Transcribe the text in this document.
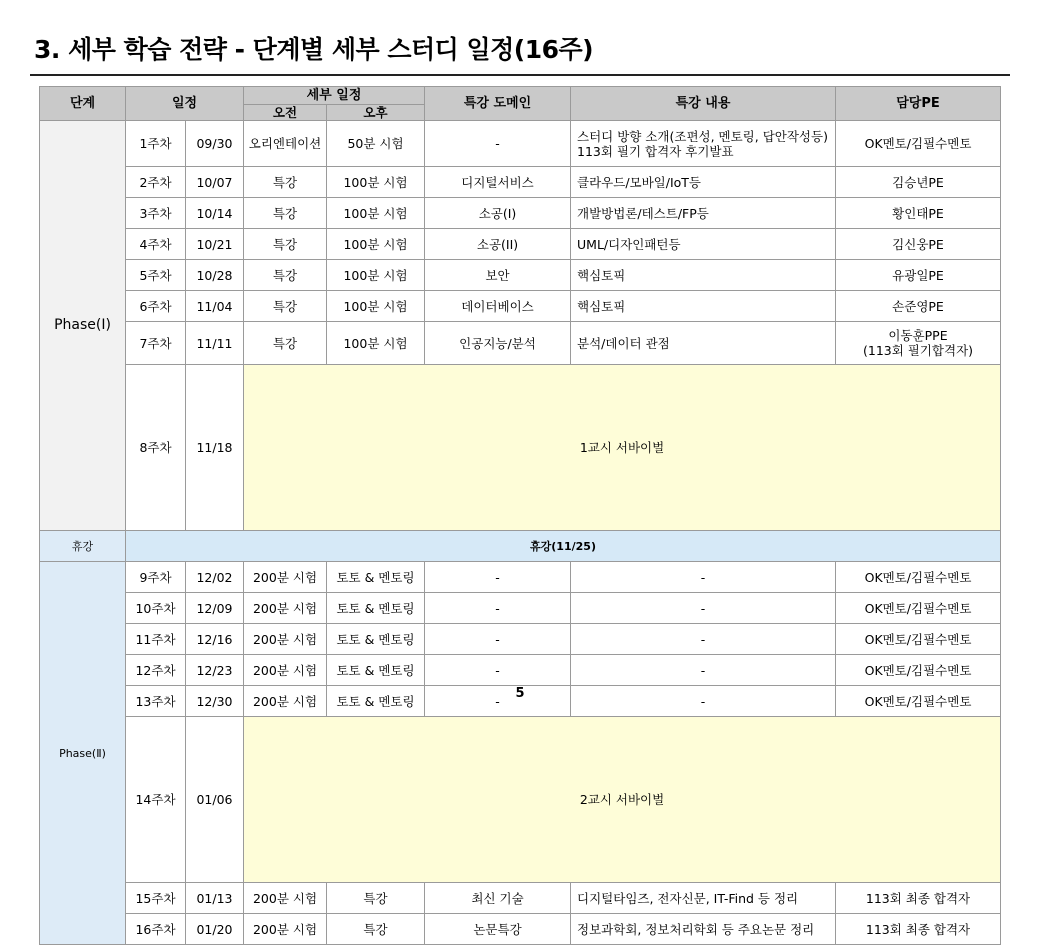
3. 세부 학습 전략 - 단계별 세부 스터디 일정(16주)
단계	일정		세부 일정		특강 도메인	특강 내용	담당PE	
			오전	오후				
Phase(Ⅰ)	1주차	09/30	오리엔테이션	50분 시험	-	스터디 방향 소개(조편성, 멘토링, 답안작성등)
113회 필기 합격자 후기발표	OK멘토/김필수멘토	
	2주차	10/07	특강	100분 시험	디지털서비스	클라우드/모바일/IoT등	김승년PE	
	3주차	10/14	특강	100분 시험	소공(I)	개발방법론/테스트/FP등	황인태PE	
	4주차	10/21	특강	100분 시험	소공(II)	UML/디자인패턴등	김신웅PE	
	5주차	10/28	특강	100분 시험	보안	핵심토픽	유광일PE	
	6주차	11/04	특강	100분 시험	데이터베이스	핵심토픽	손준영PE	
	7주차	11/11	특강	100분 시험	인공지능/분석	분석/데이터 관점	이동훈PPE
(113회 필기합격자)	
	8주차	11/18	1교시 서바이벌	
휴강	휴강(11/25)							
Phase(Ⅱ)	9주차	12/02	200분 시험	토토 & 멘토링	-	-	OK멘토/김필수멘토	
	10주차	12/09	200분 시험	토토 & 멘토링	-	-	OK멘토/김필수멘토	
	11주차	12/16	200분 시험	토토 & 멘토링	-	-	OK멘토/김필수멘토	
	12주차	12/23	200분 시험	토토 & 멘토링	-	-	OK멘토/김필수멘토	
	13주차	12/30	200분 시험	토토 & 멘토링	-	-	OK멘토/김필수멘토	
	14주차	01/06	2교시 서바이벌	
	15주차	01/13	200분 시험	특강	최신 기술	디지털타임즈, 전자신문, IT-Find 등 정리	113회 최종 합격자	
	16주차	01/20	200분 시험	특강	논문특강	정보과학회, 정보처리학회 등 주요논문 정리	113회 최종 합격자	
5
